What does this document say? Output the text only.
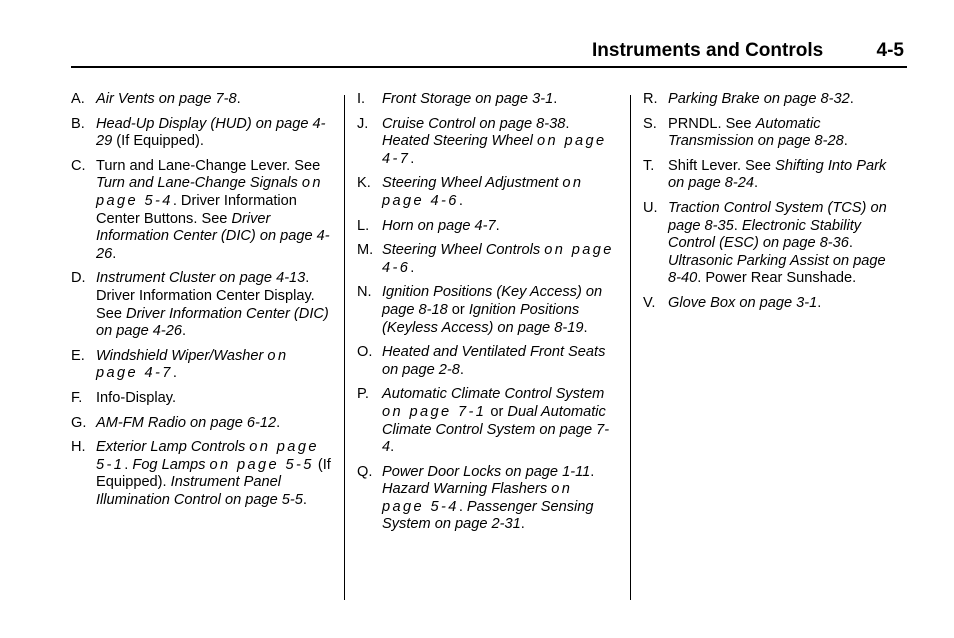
Instruments and Controls	4-5
A. Air Vents on page 7-8.
B. Head-Up Display (HUD) on page 4-29 (If Equipped).
C. Turn and Lane-Change Lever. See Turn and Lane-Change Signals on page 5-4. Driver Information Center Buttons. See Driver Information Center (DIC) on page 4-26.
D. Instrument Cluster on page 4-13. Driver Information Center Display. See Driver Information Center (DIC) on page 4-26.
E. Windshield Wiper/Washer on page 4-7.
F. Info-Display.
G. AM-FM Radio on page 6-12.
H. Exterior Lamp Controls on page 5-1. Fog Lamps on page 5-5 (If Equipped). Instrument Panel Illumination Control on page 5-5.
I. Front Storage on page 3-1.
J. Cruise Control on page 8-38. Heated Steering Wheel on page 4-7.
K. Steering Wheel Adjustment on page 4-6.
L. Horn on page 4-7.
M. Steering Wheel Controls on page 4-6.
N. Ignition Positions (Key Access) on page 8-18 or Ignition Positions (Keyless Access) on page 8-19.
O. Heated and Ventilated Front Seats on page 2-8.
P. Automatic Climate Control System on page 7-1 or Dual Automatic Climate Control System on page 7-4.
Q. Power Door Locks on page 1-11. Hazard Warning Flashers on page 5-4. Passenger Sensing System on page 2-31.
R. Parking Brake on page 8-32.
S. PRNDL. See Automatic Transmission on page 8-28.
T. Shift Lever. See Shifting Into Park on page 8-24.
U. Traction Control System (TCS) on page 8-35. Electronic Stability Control (ESC) on page 8-36. Ultrasonic Parking Assist on page 8-40. Power Rear Sunshade.
V. Glove Box on page 3-1.
